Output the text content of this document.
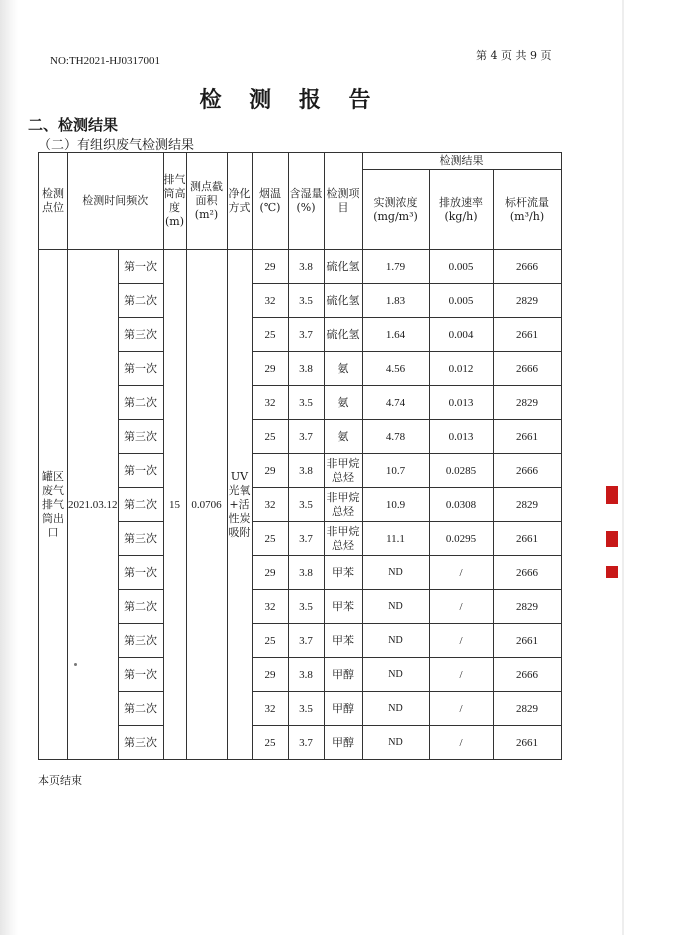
NO:TH2021-HJ0317001	第 4 页 共 9 页
检 测 报 告
二、检测结果
（二）有组织废气检测结果
检测点位	检测时间频次		排气筒高度(m)	测点截面积(m²)	净化方式	烟温(℃)	含湿量(%)	检测项目	检测结果		
									实测浓度(mg/m³)	排放速率(kg/h)	标杆流量(m³/h)
罐区废气排气筒出口	2021.03.12	第一次	15	0.0706	UV光氧+活性炭吸附	29	3.8	硫化氢	1.79	0.005	2666
		第二次				32	3.5	硫化氢	1.83	0.005	2829
		第三次				25	3.7	硫化氢	1.64	0.004	2661
		第一次				29	3.8	氨	4.56	0.012	2666
		第二次				32	3.5	氨	4.74	0.013	2829
		第三次				25	3.7	氨	4.78	0.013	2661
		第一次				29	3.8	非甲烷总烃	10.7	0.0285	2666
		第二次				32	3.5	非甲烷总烃	10.9	0.0308	2829
		第三次				25	3.7	非甲烷总烃	11.1	0.0295	2661
		第一次				29	3.8	甲苯	ND	/	2666
		第二次				32	3.5	甲苯	ND	/	2829
		第三次				25	3.7	甲苯	ND	/	2661
		第一次				29	3.8	甲醇	ND	/	2666
		第二次				32	3.5	甲醇	ND	/	2829
		第三次				25	3.7	甲醇	ND	/	2661
本页结束
